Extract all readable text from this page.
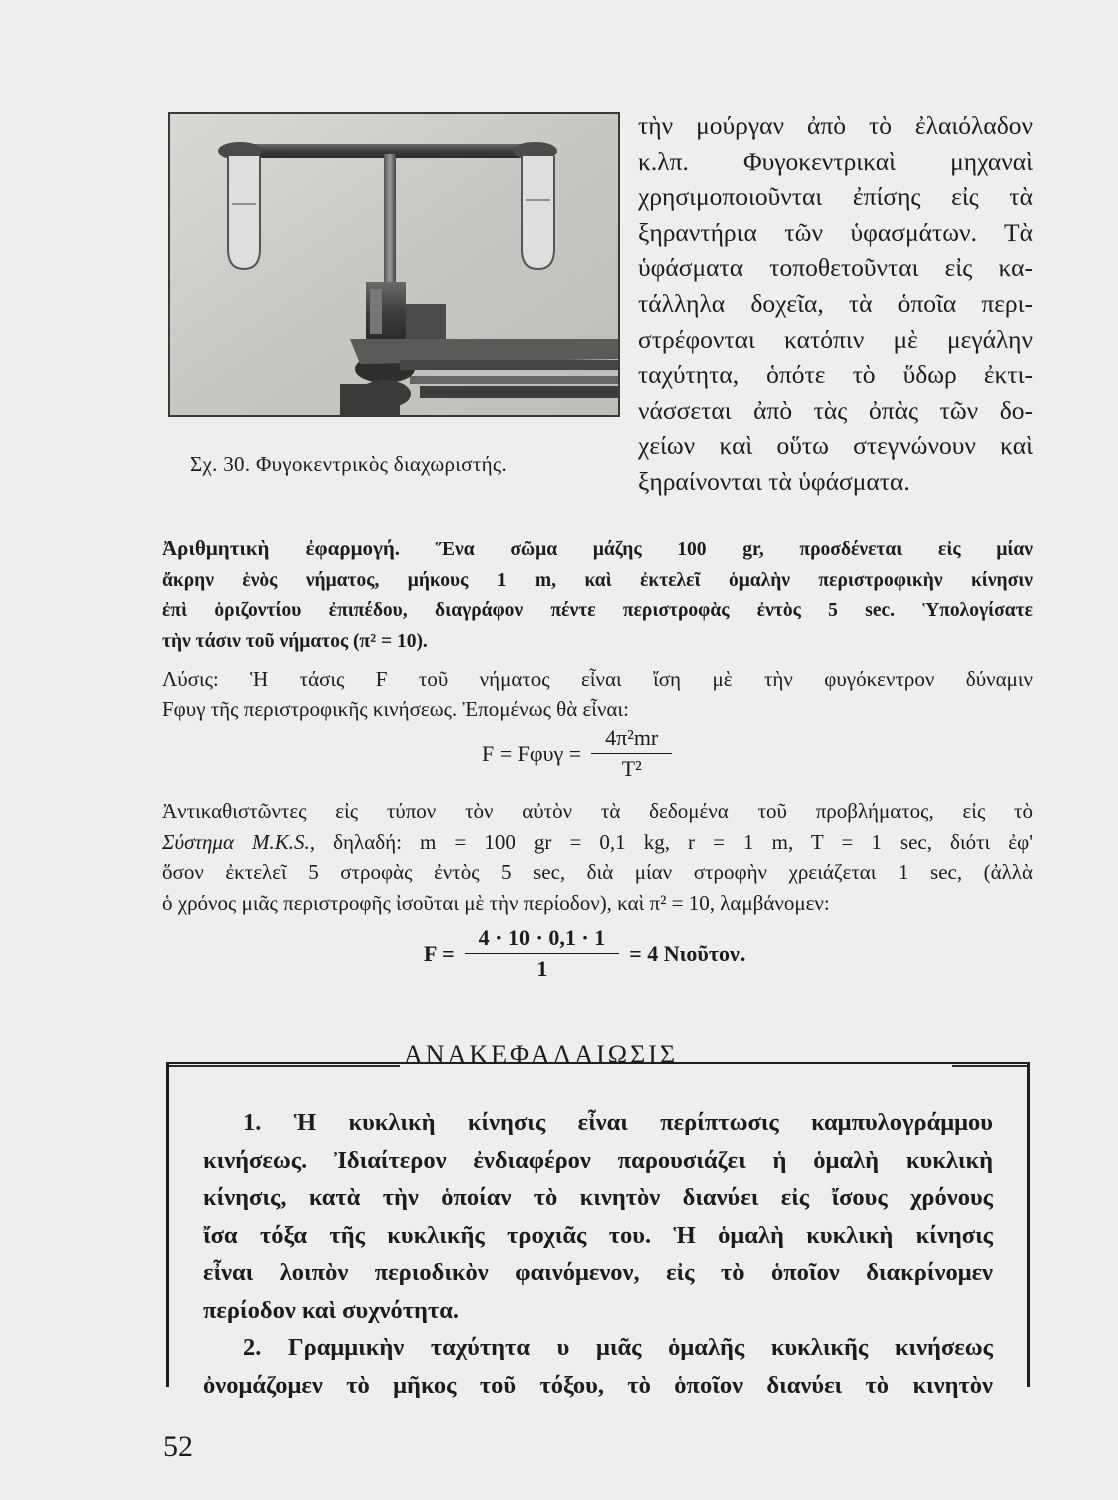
Σχ. 30. Φυγοκεντρικὸς διαχωριστής.
τὴν μούργαν ἀπὸ τὸ ἐλαιόλαδον
κ.λπ. Φυγοκεντρικαὶ μηχαναὶ
χρησιμοποιοῦνται ἐπίσης εἰς τὰ
ξηραντήρια τῶν ὑφασμάτων. Τὰ
ὑφάσματα τοποθετοῦνται εἰς κα-
τάλληλα δοχεῖα, τὰ ὁποῖα περι-
στρέφονται κατόπιν μὲ μεγάλην
ταχύτητα, ὁπότε τὸ ὕδωρ ἐκτι-
νάσσεται ἀπὸ τὰς ὀπὰς τῶν δο-
χείων καὶ οὕτω στεγνώνουν καὶ
ξηραίνονται τὰ ὑφάσματα.
Ἀριθμητικὴ ἐφαρμογή. Ἕνα σῶμα μάζης 100 gr, προσδένεται εἰς μίαν
ἄκρην ἑνὸς νήματος, μήκους 1 m, καὶ ἐκτελεῖ ὁμαλὴν περιστροφικὴν κίνησιν
ἐπὶ ὁριζοντίου ἐπιπέδου, διαγράφον πέντε περιστροφὰς ἐντὸς 5 sec. Ὑπολογίσατε
τὴν τάσιν τοῦ νήματος (π² = 10).
Λύσις: Ἡ τάσις F τοῦ νήματος εἶναι ἴση μὲ τὴν φυγόκεντρον δύναμιν
Fφυγ τῆς περιστροφικῆς κινήσεως. Ἐπομένως θὰ εἶναι:
$F = F\varphi\upsilon\gamma = \frac{\text{4π²mr}}{\text{T²}}$
Ἀντικαθιστῶντες εἰς τύπον τὸν αὐτὸν τὰ δεδομένα τοῦ προβλήματος, εἰς τὸ
Σύστημα M.K.S., δηλαδή: m = 100 gr = 0,1 kg, r = 1 m, T = 1 sec, διότι ἐφ'
ὅσον ἐκτελεῖ 5 στροφὰς ἐντὸς 5 sec, διὰ μίαν στροφὴν χρειάζεται 1 sec, (ἀλλὰ
ὁ χρόνος μιᾶς περιστροφῆς ἰσοῦται μὲ τὴν περίοδον), καὶ π² = 10, λαμβάνομεν:
$F = \frac{4 \cdot 10 \cdot 0,1 \cdot 1}{1} = 4$ Νιοῦτον.
ΑΝΑΚΕΦΑΛΑΙΩΣΙΣ
1. Ἡ κυκλικὴ κίνησις εἶναι περίπτωσις καμπυλογράμμου
κινήσεως. Ἰδιαίτερον ἐνδιαφέρον παρουσιάζει ἡ ὁμαλὴ κυκλικὴ
κίνησις, κατὰ τὴν ὁποίαν τὸ κινητὸν διανύει εἰς ἴσους χρόνους
ἴσα τόξα τῆς κυκλικῆς τροχιᾶς του. Ἡ ὁμαλὴ κυκλικὴ κίνησις
εἶναι λοιπὸν περιοδικὸν φαινόμενον, εἰς τὸ ὁποῖον διακρίνομεν
περίοδον καὶ συχνότητα.
2. Γραμμικὴν ταχύτητα υ μιᾶς ὁμαλῆς κυκλικῆς κινήσεως
ὀνομάζομεν τὸ μῆκος τοῦ τόξου, τὸ ὁποῖον διανύει τὸ κινητὸν
52
